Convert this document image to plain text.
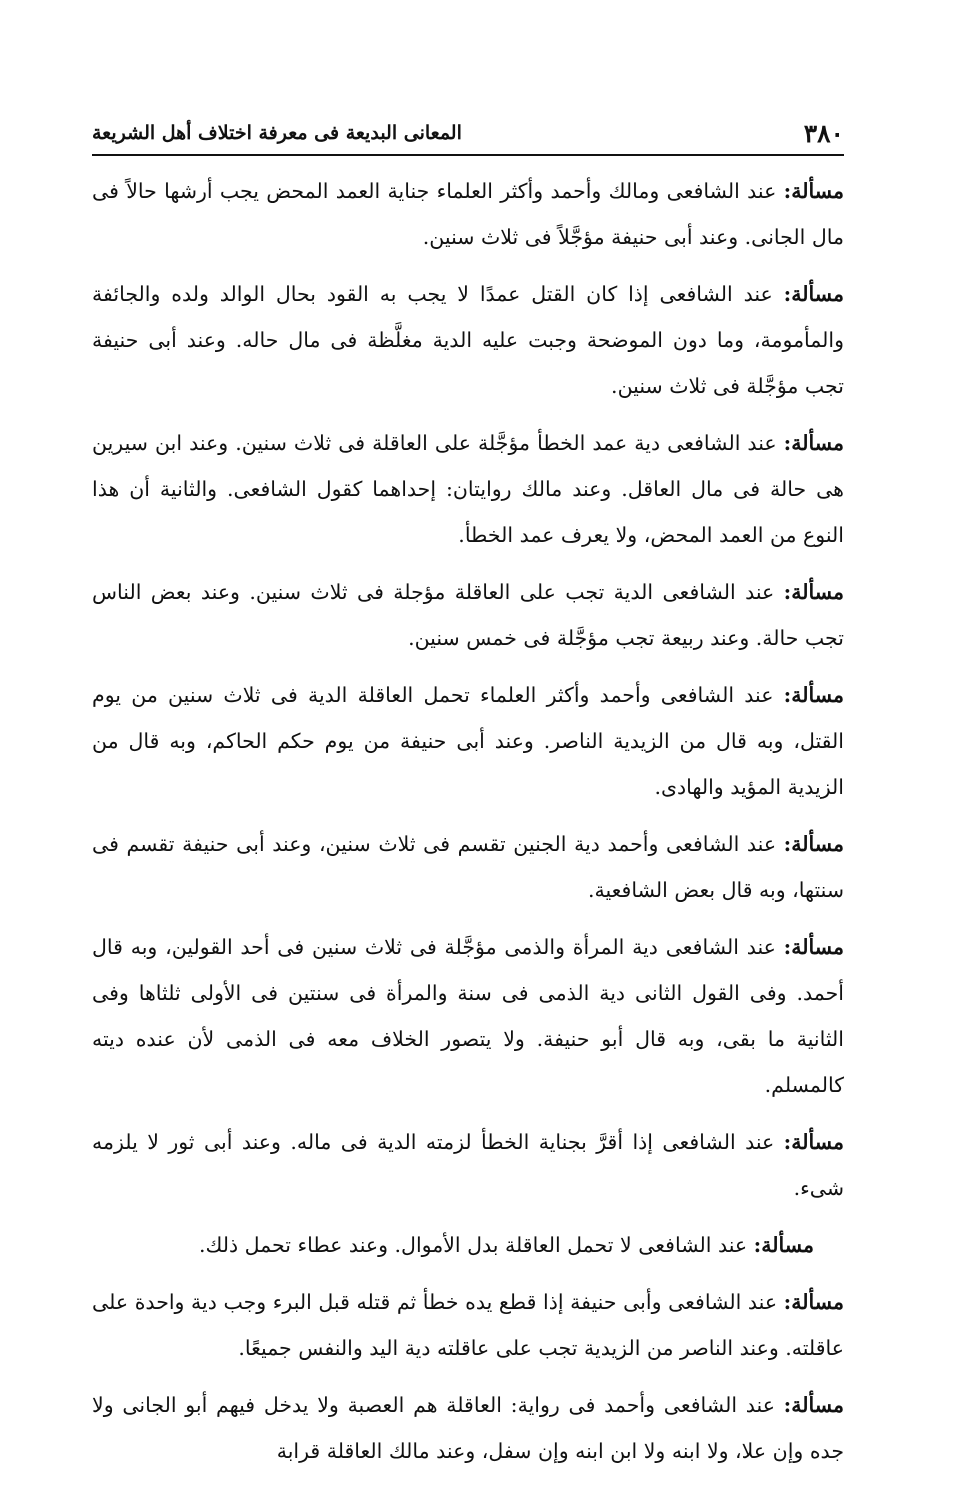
٣٨٠
المعانى البديعة فى معرفة اختلاف أهل الشريعة

مسألة: عند الشافعى ومالك وأحمد وأكثر العلماء جناية العمد المحض يجب أرشها حالاً فى مال الجانى. وعند أبى حنيفة مؤجَّلاً فى ثلاث سنين.

مسألة: عند الشافعى إذا كان القتل عمدًا لا يجب به القود بحال الوالد ولده والجائفة والمأمومة، وما دون الموضحة وجبت عليه الدية مغلَّظة فى مال حاله. وعند أبى حنيفة تجب مؤجَّلة فى ثلاث سنين.

مسألة: عند الشافعى دية عمد الخطأ مؤجَّلة على العاقلة فى ثلاث سنين. وعند ابن سيرين هى حالة فى مال العاقل. وعند مالك روايتان: إحداهما كقول الشافعى. والثانية أن هذا النوع من العمد المحض، ولا يعرف عمد الخطأ.

مسألة: عند الشافعى الدية تجب على العاقلة مؤجلة فى ثلاث سنين. وعند بعض الناس تجب حالة. وعند ربيعة تجب مؤجَّلة فى خمس سنين.

مسألة: عند الشافعى وأحمد وأكثر العلماء تحمل العاقلة الدية فى ثلاث سنين من يوم القتل، وبه قال من الزيدية الناصر. وعند أبى حنيفة من يوم حكم الحاكم، وبه قال من الزيدية المؤيد والهادى.

مسألة: عند الشافعى وأحمد دية الجنين تقسم فى ثلاث سنين، وعند أبى حنيفة تقسم فى سنتها، وبه قال بعض الشافعية.

مسألة: عند الشافعى دية المرأة والذمى مؤجَّلة فى ثلاث سنين فى أحد القولين، وبه قال أحمد. وفى القول الثانى دية الذمى فى سنة والمرأة فى سنتين فى الأولى ثلثاها وفى الثانية ما بقى، وبه قال أبو حنيفة. ولا يتصور الخلاف معه فى الذمى لأن عنده ديته كالمسلم.

مسألة: عند الشافعى إذا أقرَّ بجناية الخطأ لزمته الدية فى ماله. وعند أبى ثور لا يلزمه شىء.

مسألة: عند الشافعى لا تحمل العاقلة بدل الأموال. وعند عطاء تحمل ذلك.

مسألة: عند الشافعى وأبى حنيفة إذا قطع يده خطأ ثم قتله قبل البرء وجب دية واحدة على عاقلته. وعند الناصر من الزيدية تجب على عاقلته دية اليد والنفس جميعًا.

مسألة: عند الشافعى وأحمد فى رواية: العاقلة هم العصبة ولا يدخل فيهم أبو الجانى ولا جده وإن علا، ولا ابنه ولا ابن ابنه وإن سفل، وعند مالك العاقلة قرابة
